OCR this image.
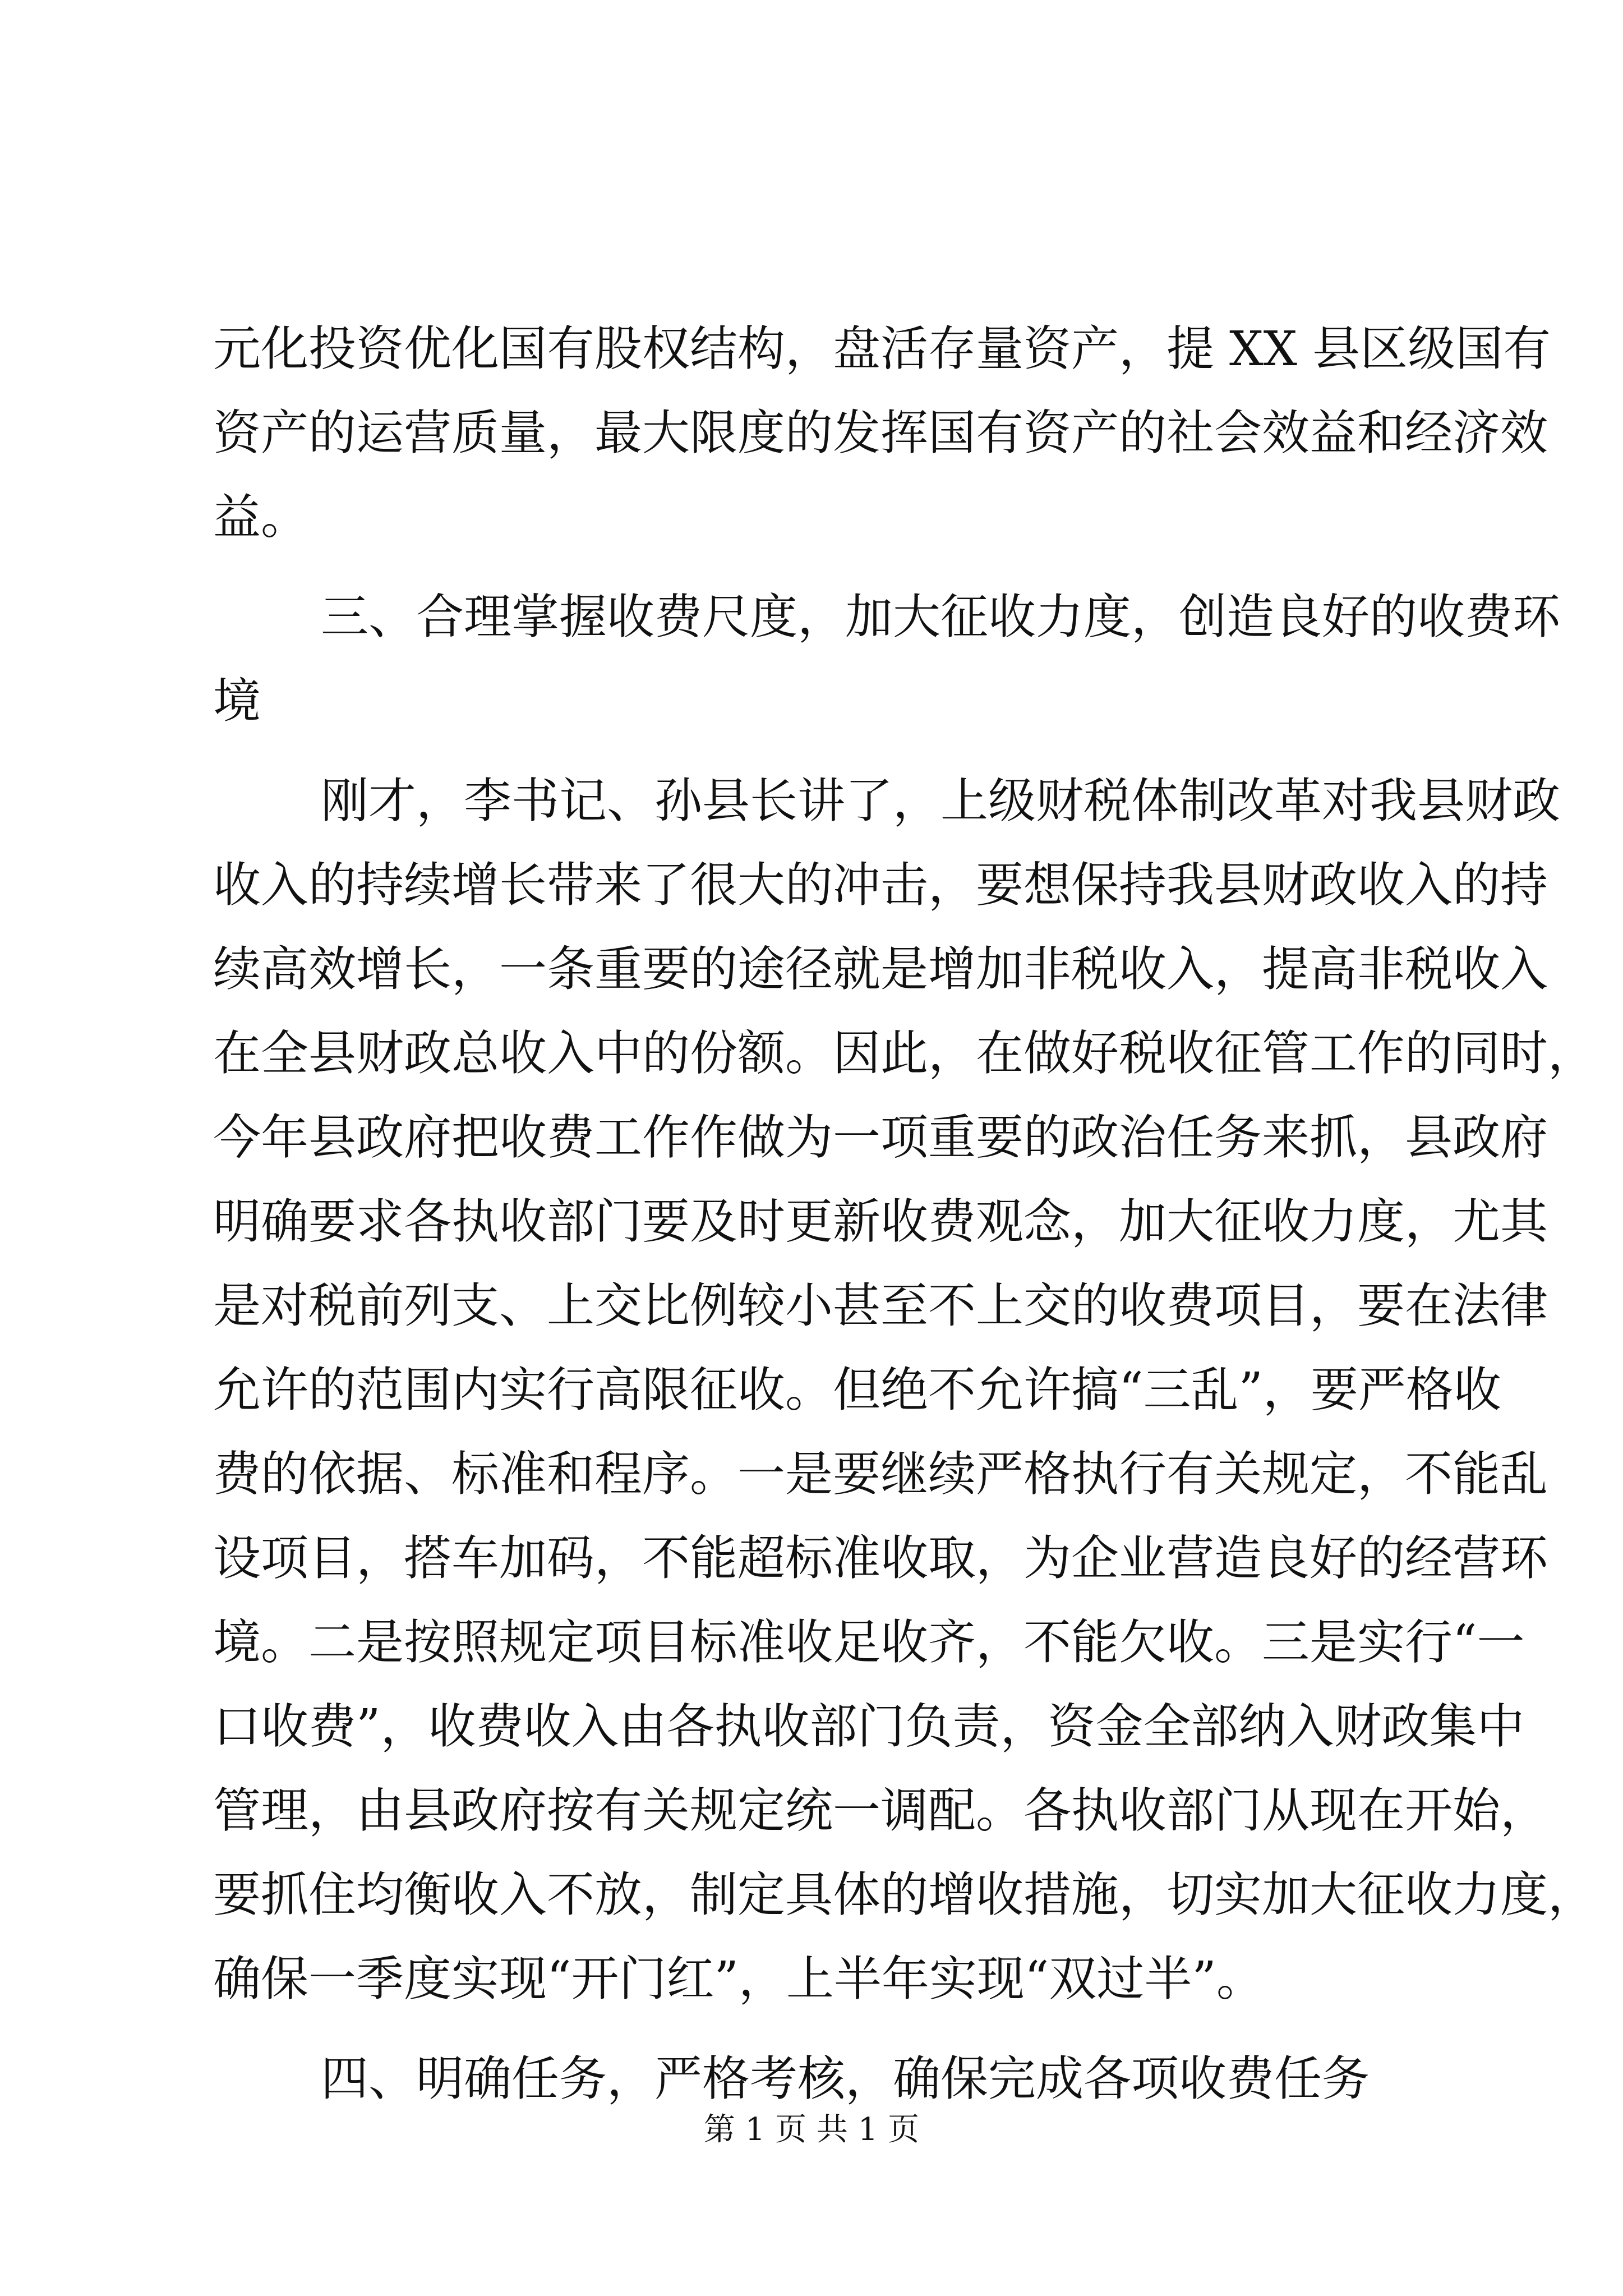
元化投资优化国有股权结构，盘活存量资产，提 XX 县区级国有
资产的运营质量，最大限度的发挥国有资产的社会效益和经济效
益。
三、合理掌握收费尺度，加大征收力度，创造良好的收费环
境
刚才，李书记、孙县长讲了，上级财税体制改革对我县财政
收入的持续增长带来了很大的冲击，要想保持我县财政收入的持
续高效增长，一条重要的途径就是增加非税收入，提高非税收入
在全县财政总收入中的份额。因此，在做好税收征管工作的同时，
今年县政府把收费工作作做为一项重要的政治任务来抓，县政府
明确要求各执收部门要及时更新收费观念，加大征收力度，尤其
是对税前列支、上交比例较小甚至不上交的收费项目，要在法律
允许的范围内实行高限征收。但绝不允许搞“三乱”，要严格收
费的依据、标准和程序。一是要继续严格执行有关规定，不能乱
设项目，搭车加码，不能超标准收取，为企业营造良好的经营环
境。二是按照规定项目标准收足收齐，不能欠收。三是实行“一
口收费”，收费收入由各执收部门负责，资金全部纳入财政集中
管理，由县政府按有关规定统一调配。各执收部门从现在开始，
要抓住均衡收入不放，制定具体的增收措施，切实加大征收力度，
确保一季度实现“开门红”，上半年实现“双过半”。
四、明确任务，严格考核，确保完成各项收费任务
第 1 页 共 1 页
